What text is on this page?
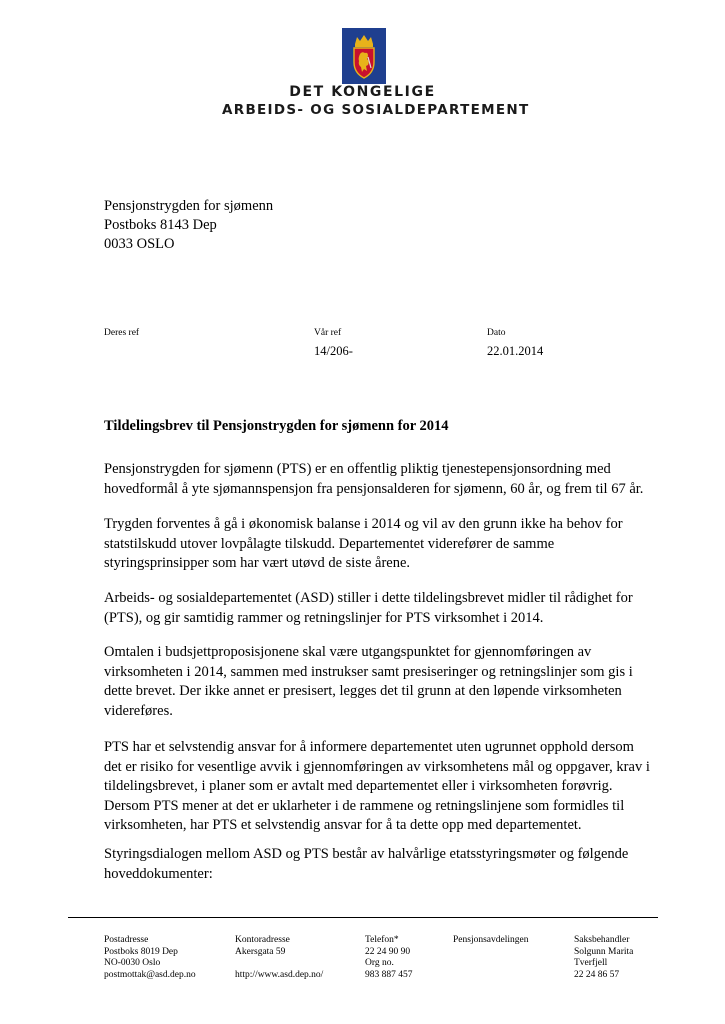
DET KONGELIGE
ARBEIDS- OG SOSIALDEPARTEMENT
Pensjonstrygden for sjømenn
Postboks 8143 Dep
0033 OSLO
Deres ref	Vår ref
14/206-
Dato
22.01.2014
Tildelingsbrev til Pensjonstrygden for sjømenn for 2014
Pensjonstrygden for sjømenn (PTS) er en offentlig pliktig tjenestepensjonsordning med
hovedformål å yte sjømannspensjon fra pensjonsalderen for sjømenn, 60 år, og frem til 67 år.
Trygden forventes å gå i økonomisk balanse i 2014 og vil av den grunn ikke ha behov for
statstilskudd utover lovpålagte tilskudd. Departementet viderefører de samme
styringsprinsipper som har vært utøvd de siste årene.
Arbeids- og sosialdepartementet (ASD) stiller i dette tildelingsbrevet midler til rådighet for
(PTS), og gir samtidig rammer og retningslinjer for PTS virksomhet i 2014.
Omtalen i budsjettproposisjonene skal være utgangspunktet for gjennomføringen av
virksomheten i 2014, sammen med instrukser samt presiseringer og retningslinjer som gis i
dette brevet. Der ikke annet er presisert, legges det til grunn at den løpende virksomheten
videreføres.
PTS har et selvstendig ansvar for å informere departementet uten ugrunnet opphold dersom
det er risiko for vesentlige avvik i gjennomføringen av virksomhetens mål og oppgaver, krav i
tildelingsbrevet, i planer som er avtalt med departementet eller i virksomheten forøvrig.
Dersom PTS mener at det er uklarheter i de rammene og retningslinjene som formidles til
virksomheten, har PTS et selvstendig ansvar for å ta dette opp med departementet.
Styringsdialogen mellom ASD og PTS består av halvårlige etatsstyringsmøter og følgende
hoveddokumenter:
Postadresse
Postboks 8019 Dep
NO-0030 Oslo
postmottak@asd.dep.no
Kontoradresse
Akersgata 59

http://www.asd.dep.no/
Telefon*
22 24 90 90
Org no.
983 887 457
Pensjonsavdelingen	Saksbehandler
Solgunn Marita
Tverfjell
22 24 86 57
